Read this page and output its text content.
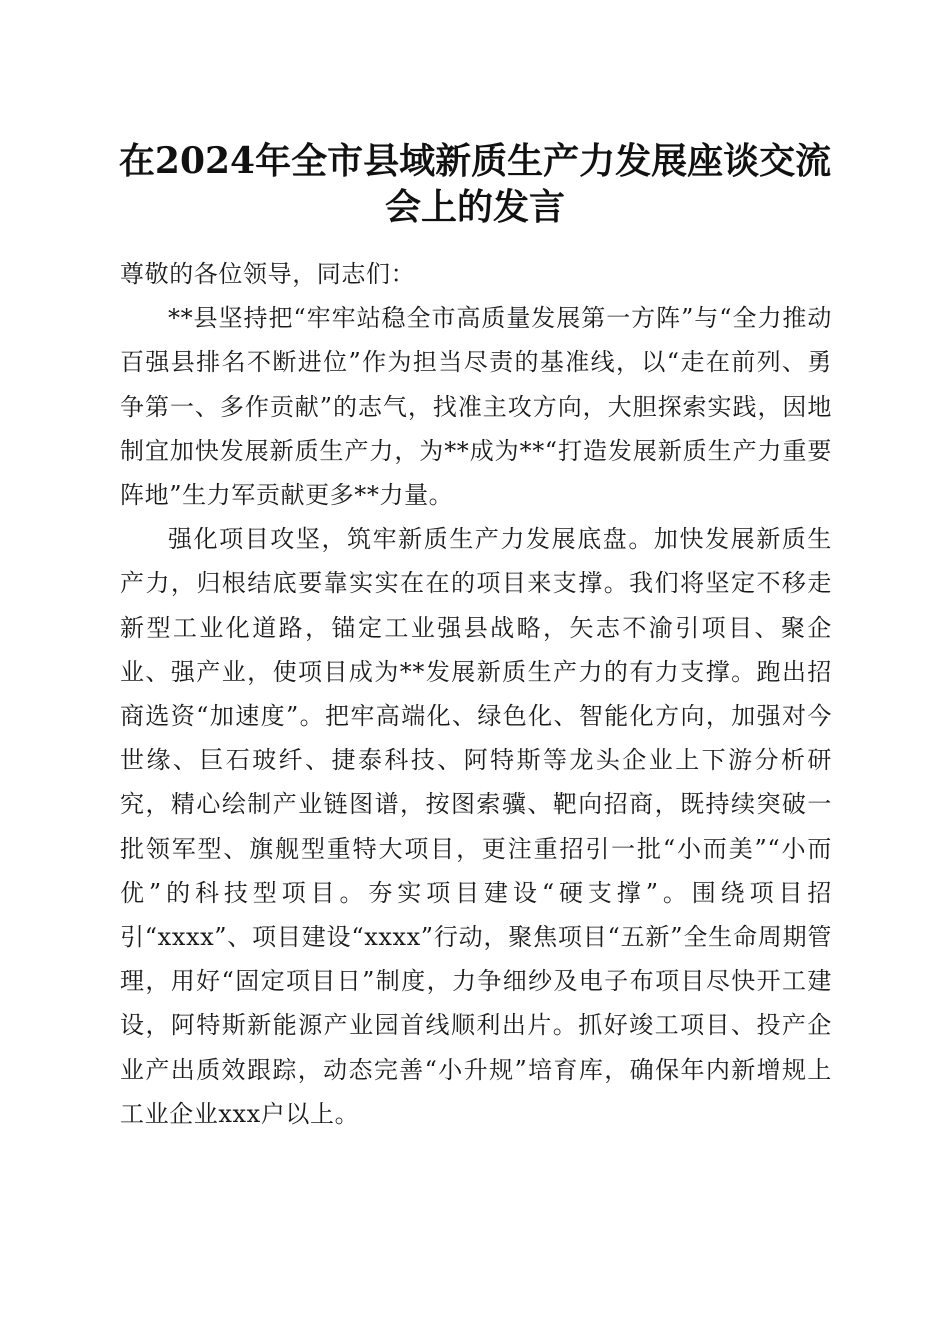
在2024年全市县域新质生产力发展座谈交流
会上的发言

尊敬的各位领导，同志们：

**县坚持把“牢牢站稳全市高质量发展第一方阵”与“全力推动百强县排名不断进位”作为担当尽责的基准线，以“走在前列、勇争第一、多作贡献”的志气，找准主攻方向，大胆探索实践，因地制宜加快发展新质生产力，为**成为**“打造发展新质生产力重要阵地”生力军贡献更多**力量。

强化项目攻坚，筑牢新质生产力发展底盘。加快发展新质生产力，归根结底要靠实实在在的项目来支撑。我们将坚定不移走新型工业化道路，锚定工业强县战略，矢志不渝引项目、聚企业、强产业，使项目成为**发展新质生产力的有力支撑。跑出招商选资“加速度”。把牢高端化、绿色化、智能化方向，加强对今世缘、巨石玻纤、捷泰科技、阿特斯等龙头企业上下游分析研究，精心绘制产业链图谱，按图索骥、靶向招商，既持续突破一批领军型、旗舰型重特大项目，更注重招引一批“小而美”“小而优”的科技型项目。夯实项目建设“硬支撑”。围绕项目招引“xxxx”、项目建设“xxxx”行动，聚焦项目“五新”全生命周期管理，用好“固定项目日”制度，力争细纱及电子布项目尽快开工建设，阿特斯新能源产业园首线顺利出片。抓好竣工项目、投产企业产出质效跟踪，动态完善“小升规”培育库，确保年内新增规上工业企业xxx户以上。
